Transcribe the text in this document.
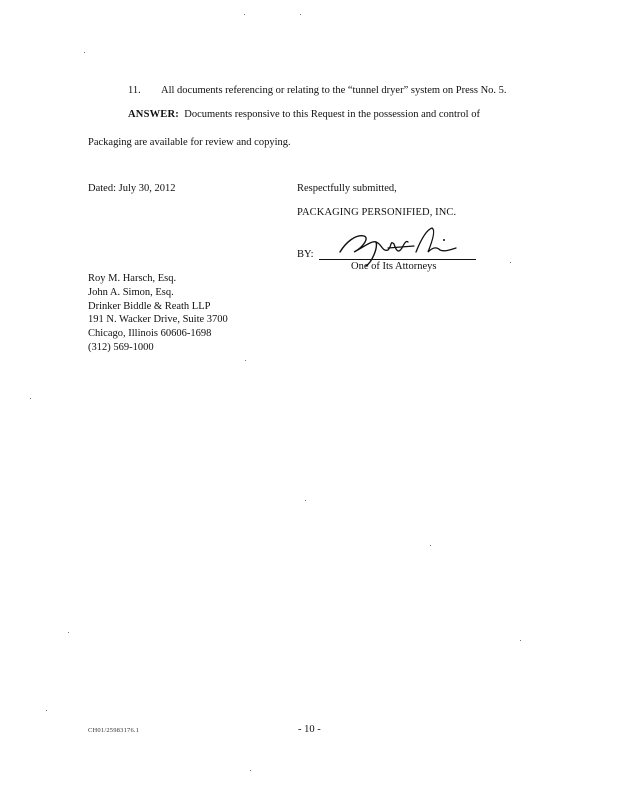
11. All documents referencing or relating to the “tunnel dryer” system on Press No. 5.
ANSWER: Documents responsive to this Request in the possession and control of
Packaging are available for review and copying.
Dated: July 30, 2012	Respectfully submitted,
PACKAGING PERSONIFIED, INC.
BY:
One of Its Attorneys
Roy M. Harsch, Esq.
John A. Simon, Esq.
Drinker Biddle & Reath LLP
191 N. Wacker Drive, Suite 3700
Chicago, Illinois 60606-1698
(312) 569-1000
CH01/25983176.1	- 10 -
